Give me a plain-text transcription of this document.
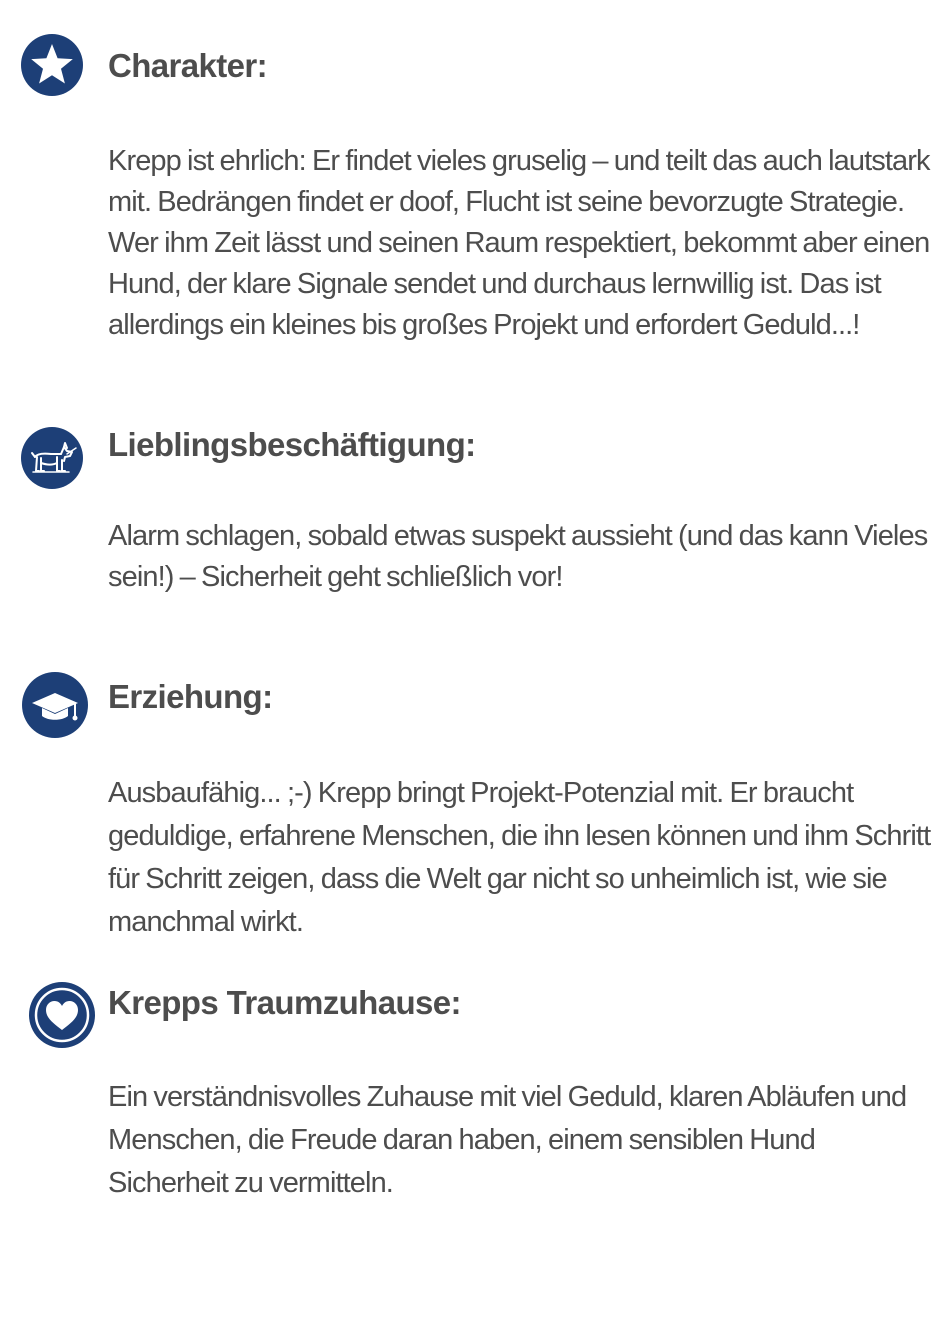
Charakter:

Krepp ist ehrlich: Er findet vieles gruselig – und teilt das auch lautstark mit. Bedrängen findet er doof, Flucht ist seine bevorzugte Strategie. Wer ihm Zeit lässt und seinen Raum respektiert, bekommt aber einen Hund, der klare Signale sendet und durchaus lernwillig ist. Das ist allerdings ein kleines bis großes Projekt und erfordert Geduld...!

Lieblingsbeschäftigung:

Alarm schlagen, sobald etwas suspekt aussieht (und das kann Vieles sein!) – Sicherheit geht schließlich vor!

Erziehung:

Ausbaufähig... ;-) Krepp bringt Projekt-Potenzial mit. Er braucht geduldige, erfahrene Menschen, die ihn lesen können und ihm Schritt für Schritt zeigen, dass die Welt gar nicht so unheimlich ist, wie sie manchmal wirkt.

Krepps Traumzuhause:

Ein verständnisvolles Zuhause mit viel Geduld, klaren Abläufen und Menschen, die Freude daran haben, einem sensiblen Hund Sicherheit zu vermitteln.
